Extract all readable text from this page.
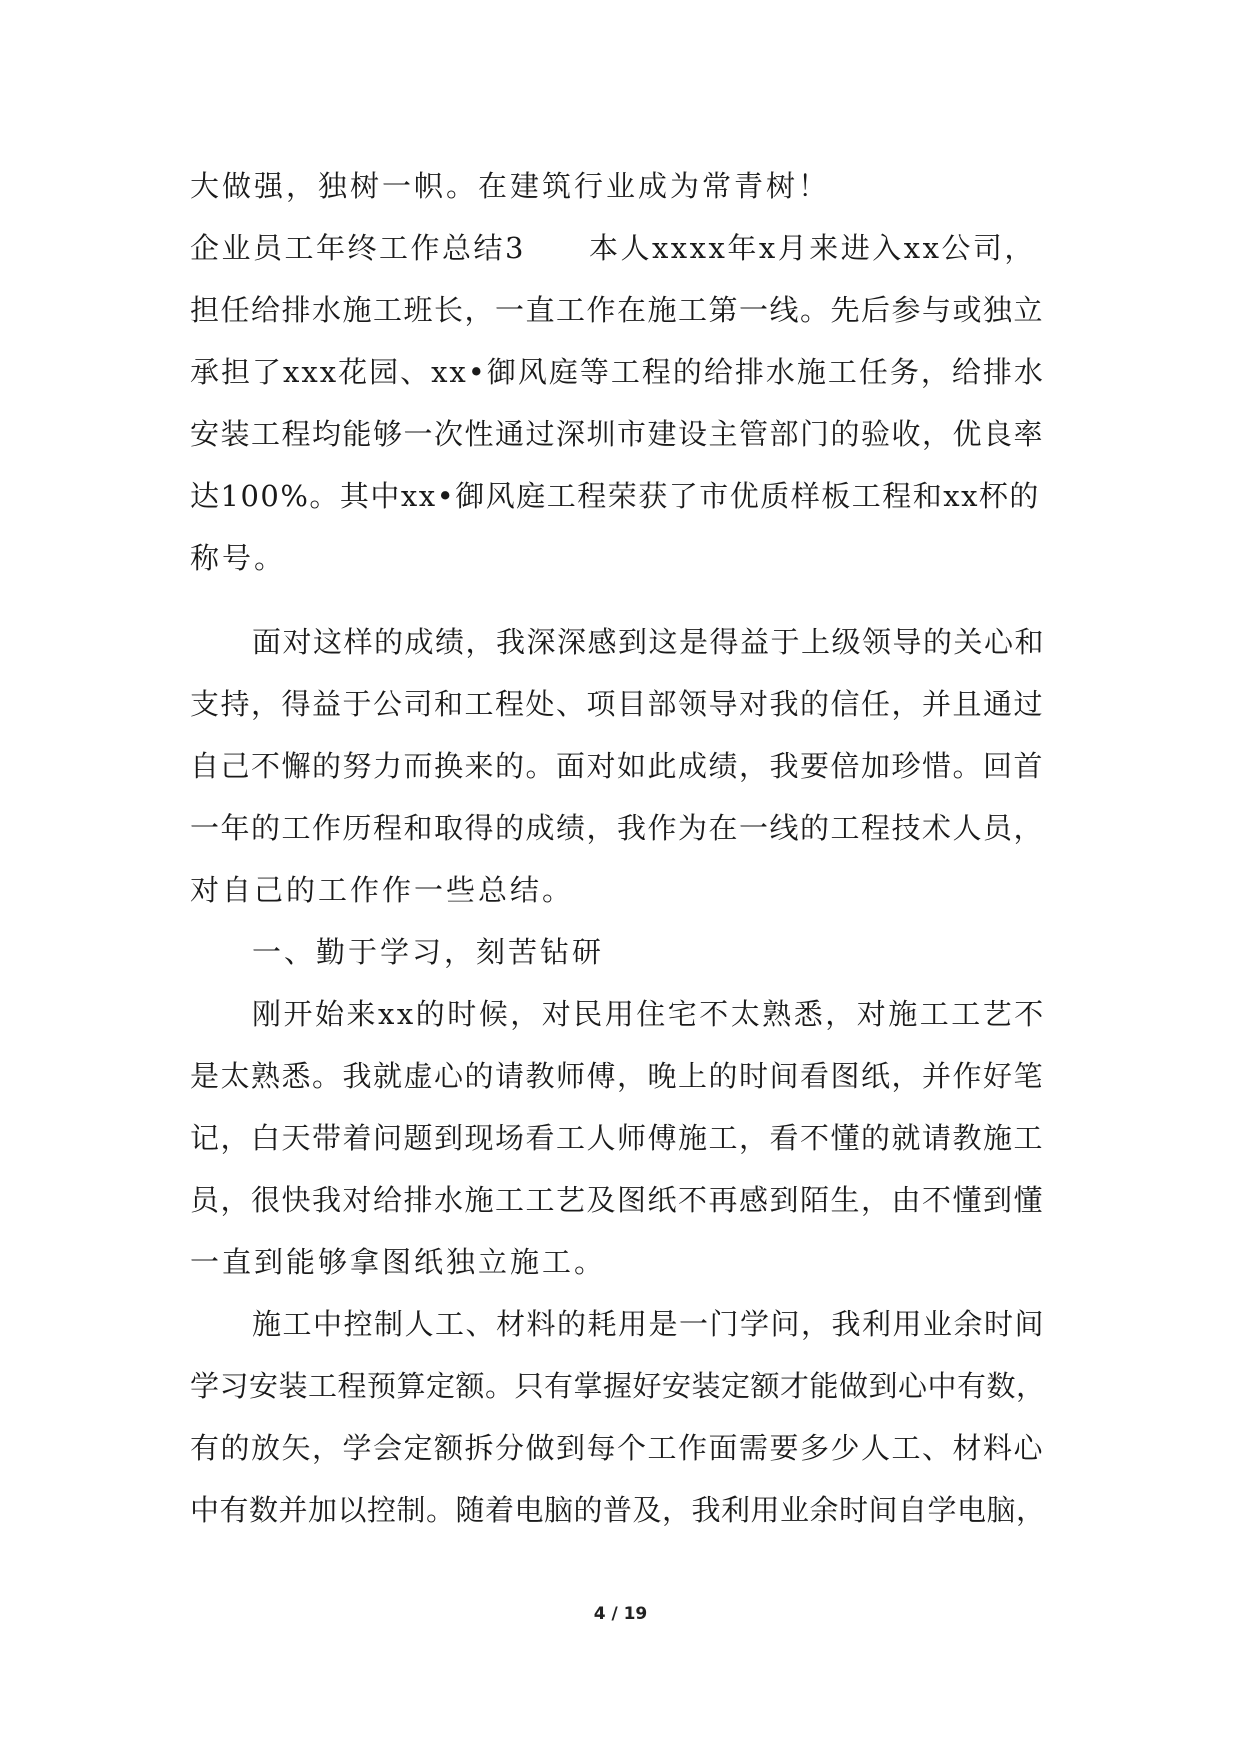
大做强，独树一帜。在建筑行业成为常青树！
企业员工年终工作总结3　　本人xxxx年x月来进入xx公司，
担任给排水施工班长，一直工作在施工第一线。先后参与或独立
承担了xxx花园、xx•御风庭等工程的给排水施工任务，给排水
安装工程均能够一次性通过深圳市建设主管部门的验收，优良率
达100%。其中xx•御风庭工程荣获了市优质样板工程和xx杯的
称号。
面对这样的成绩，我深深感到这是得益于上级领导的关心和
支持，得益于公司和工程处、项目部领导对我的信任，并且通过
自己不懈的努力而换来的。面对如此成绩，我要倍加珍惜。回首
一年的工作历程和取得的成绩，我作为在一线的工程技术人员，
对自己的工作作一些总结。
一、勤于学习，刻苦钻研
刚开始来xx的时候，对民用住宅不太熟悉，对施工工艺不
是太熟悉。我就虚心的请教师傅，晚上的时间看图纸，并作好笔
记，白天带着问题到现场看工人师傅施工，看不懂的就请教施工
员，很快我对给排水施工工艺及图纸不再感到陌生，由不懂到懂
一直到能够拿图纸独立施工。
施工中控制人工、材料的耗用是一门学问，我利用业余时间
学习安装工程预算定额。只有掌握好安装定额才能做到心中有数，
有的放矢，学会定额拆分做到每个工作面需要多少人工、材料心
中有数并加以控制。随着电脑的普及，我利用业余时间自学电脑，
4 / 19
